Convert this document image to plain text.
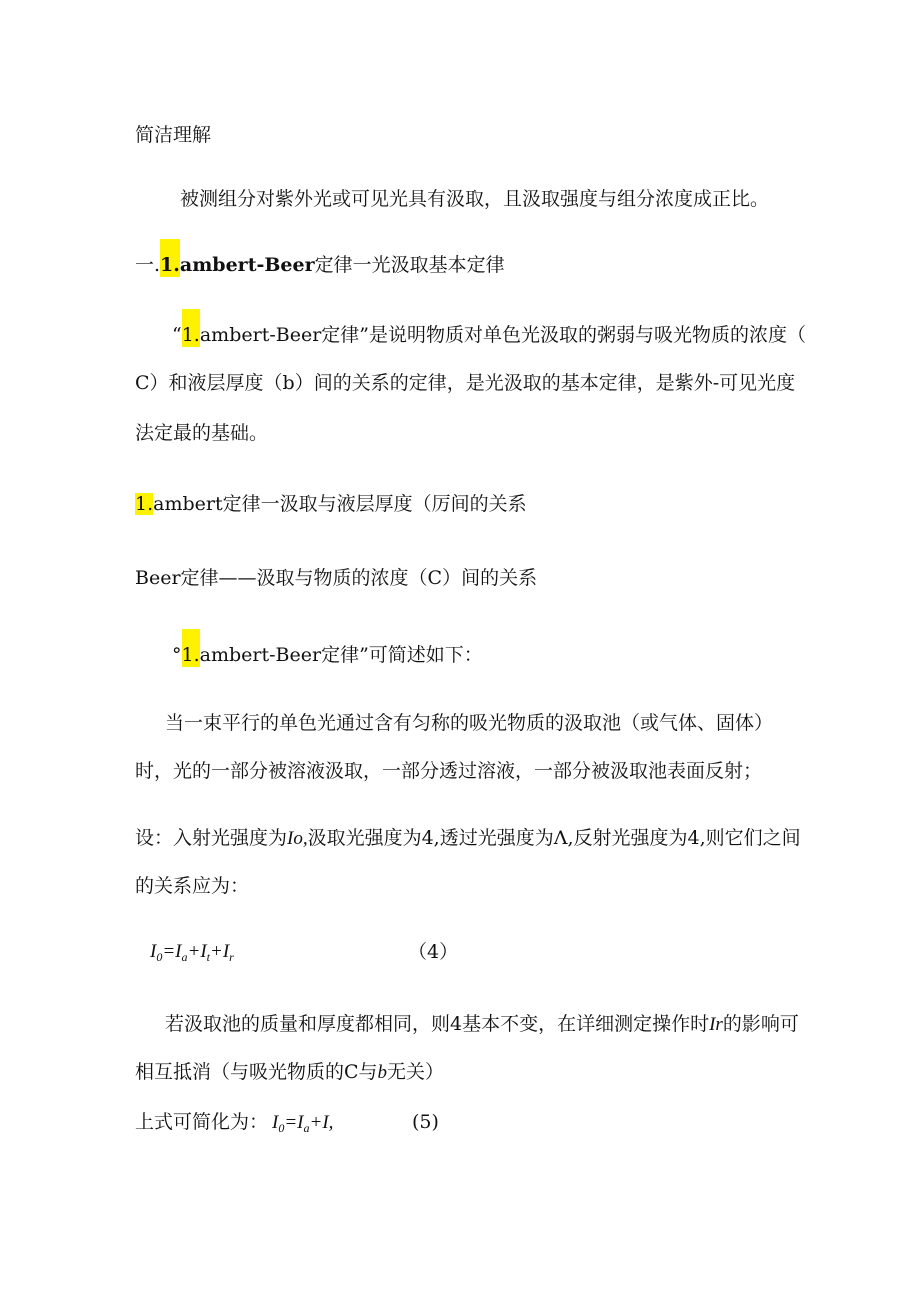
简洁理解
被测组分对紫外光或可见光具有汲取，且汲取强度与组分浓度成正比。
一.1.ambert-Beer定律一光汲取基本定律
“1.ambert-Beer定律”是说明物质对单色光汲取的粥弱与吸光物质的浓度（
C）和液层厚度（b）间的关系的定律，是光汲取的基本定律，是紫外-可见光度
法定最的基础。
1.ambert定律一汲取与液层厚度（厉间的关系
Beer定律——汲取与物质的浓度（C）间的关系
°1.ambert-Beer定律”可简述如下：
当一束平行的单色光通过含有匀称的吸光物质的汲取池（或气体、固体）
时，光的一部分被溶液汲取，一部分透过溶液，一部分被汲取池表面反射；
设：入射光强度为Io,汲取光强度为4,透过光强度为Λ,反射光强度为4,则它们之间
的关系应为：
$I_0=I_a+I_t+I_r$	（4）
若汲取池的质量和厚度都相同，则4基本不变，在详细测定操作时Ir的影响可
相互抵消（与吸光物质的C与b无关）
上式可简化为： $I_0=I_a+I$,	(5)
